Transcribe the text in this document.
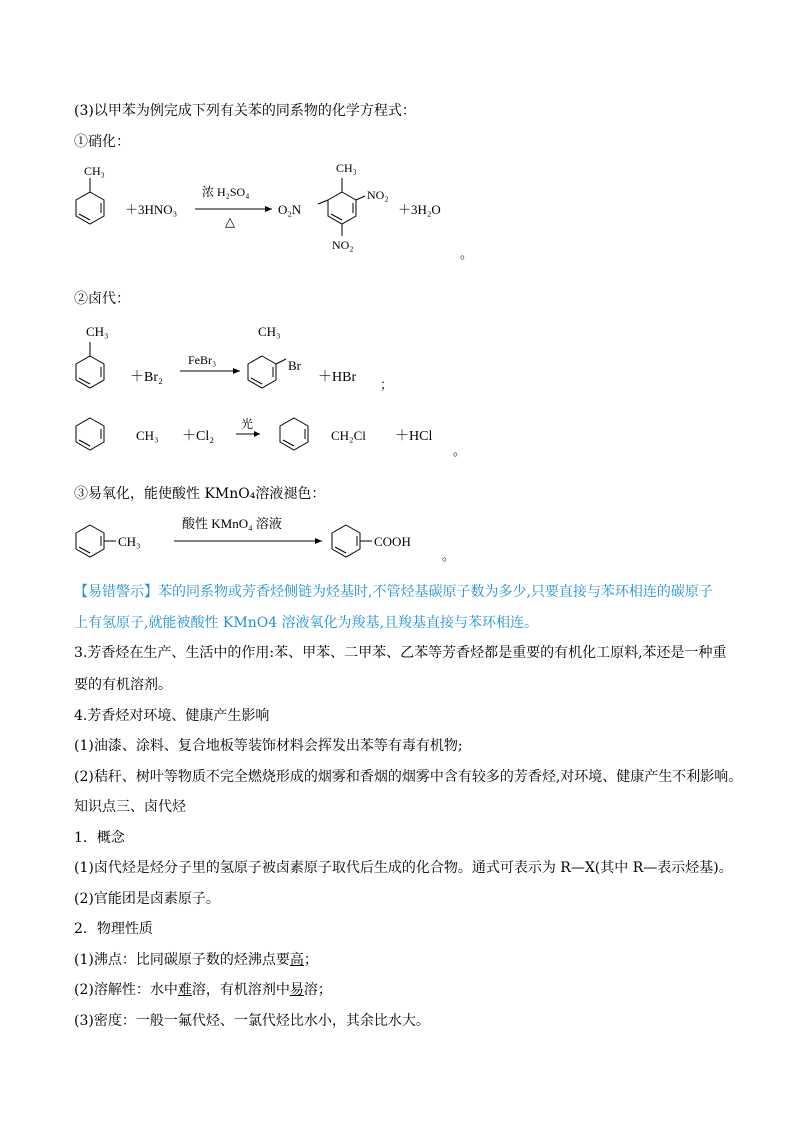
(3)以甲苯为例完成下列有关苯的同系物的化学方程式：
①硝化：
CH₃
＋3HNO₃
浓 H₂SO₄
△
O₂N
CH₃
NO₂
NO₂
＋3H₂O
。
②卤代：
CH₃
＋Br₂
FeBr₃
CH₃
Br
＋HBr ；
CH₃ ＋Cl₂
光
CH₂Cl ＋HCl
。
③易氧化，能使酸性 KMnO₄溶液褪色：
CH₃
酸性 KMnO₄ 溶液
COOH
。
【易错警示】苯的同系物或芳香烃侧链为烃基时,不管烃基碳原子数为多少,只要直接与苯环相连的碳原子
上有氢原子,就能被酸性 KMnO4 溶液氧化为羧基,且羧基直接与苯环相连。
3.芳香烃在生产、生活中的作用:苯、甲苯、二甲苯、乙苯等芳香烃都是重要的有机化工原料,苯还是一种重
要的有机溶剂。
4.芳香烃对环境、健康产生影响
(1)油漆、涂料、复合地板等装饰材料会挥发出苯等有毒有机物;
(2)秸秆、树叶等物质不完全燃烧形成的烟雾和香烟的烟雾中含有较多的芳香烃,对环境、健康产生不利影响。
知识点三、卤代烃
1．概念
(1)卤代烃是烃分子里的氢原子被卤素原子取代后生成的化合物。通式可表示为 R—X(其中 R—表示烃基)。
(2)官能团是卤素原子。
2．物理性质
(1)沸点：比同碳原子数的烃沸点要高；
(2)溶解性：水中难溶，有机溶剂中易溶；
(3)密度：一般一氟代烃、一氯代烃比水小，其余比水大。
